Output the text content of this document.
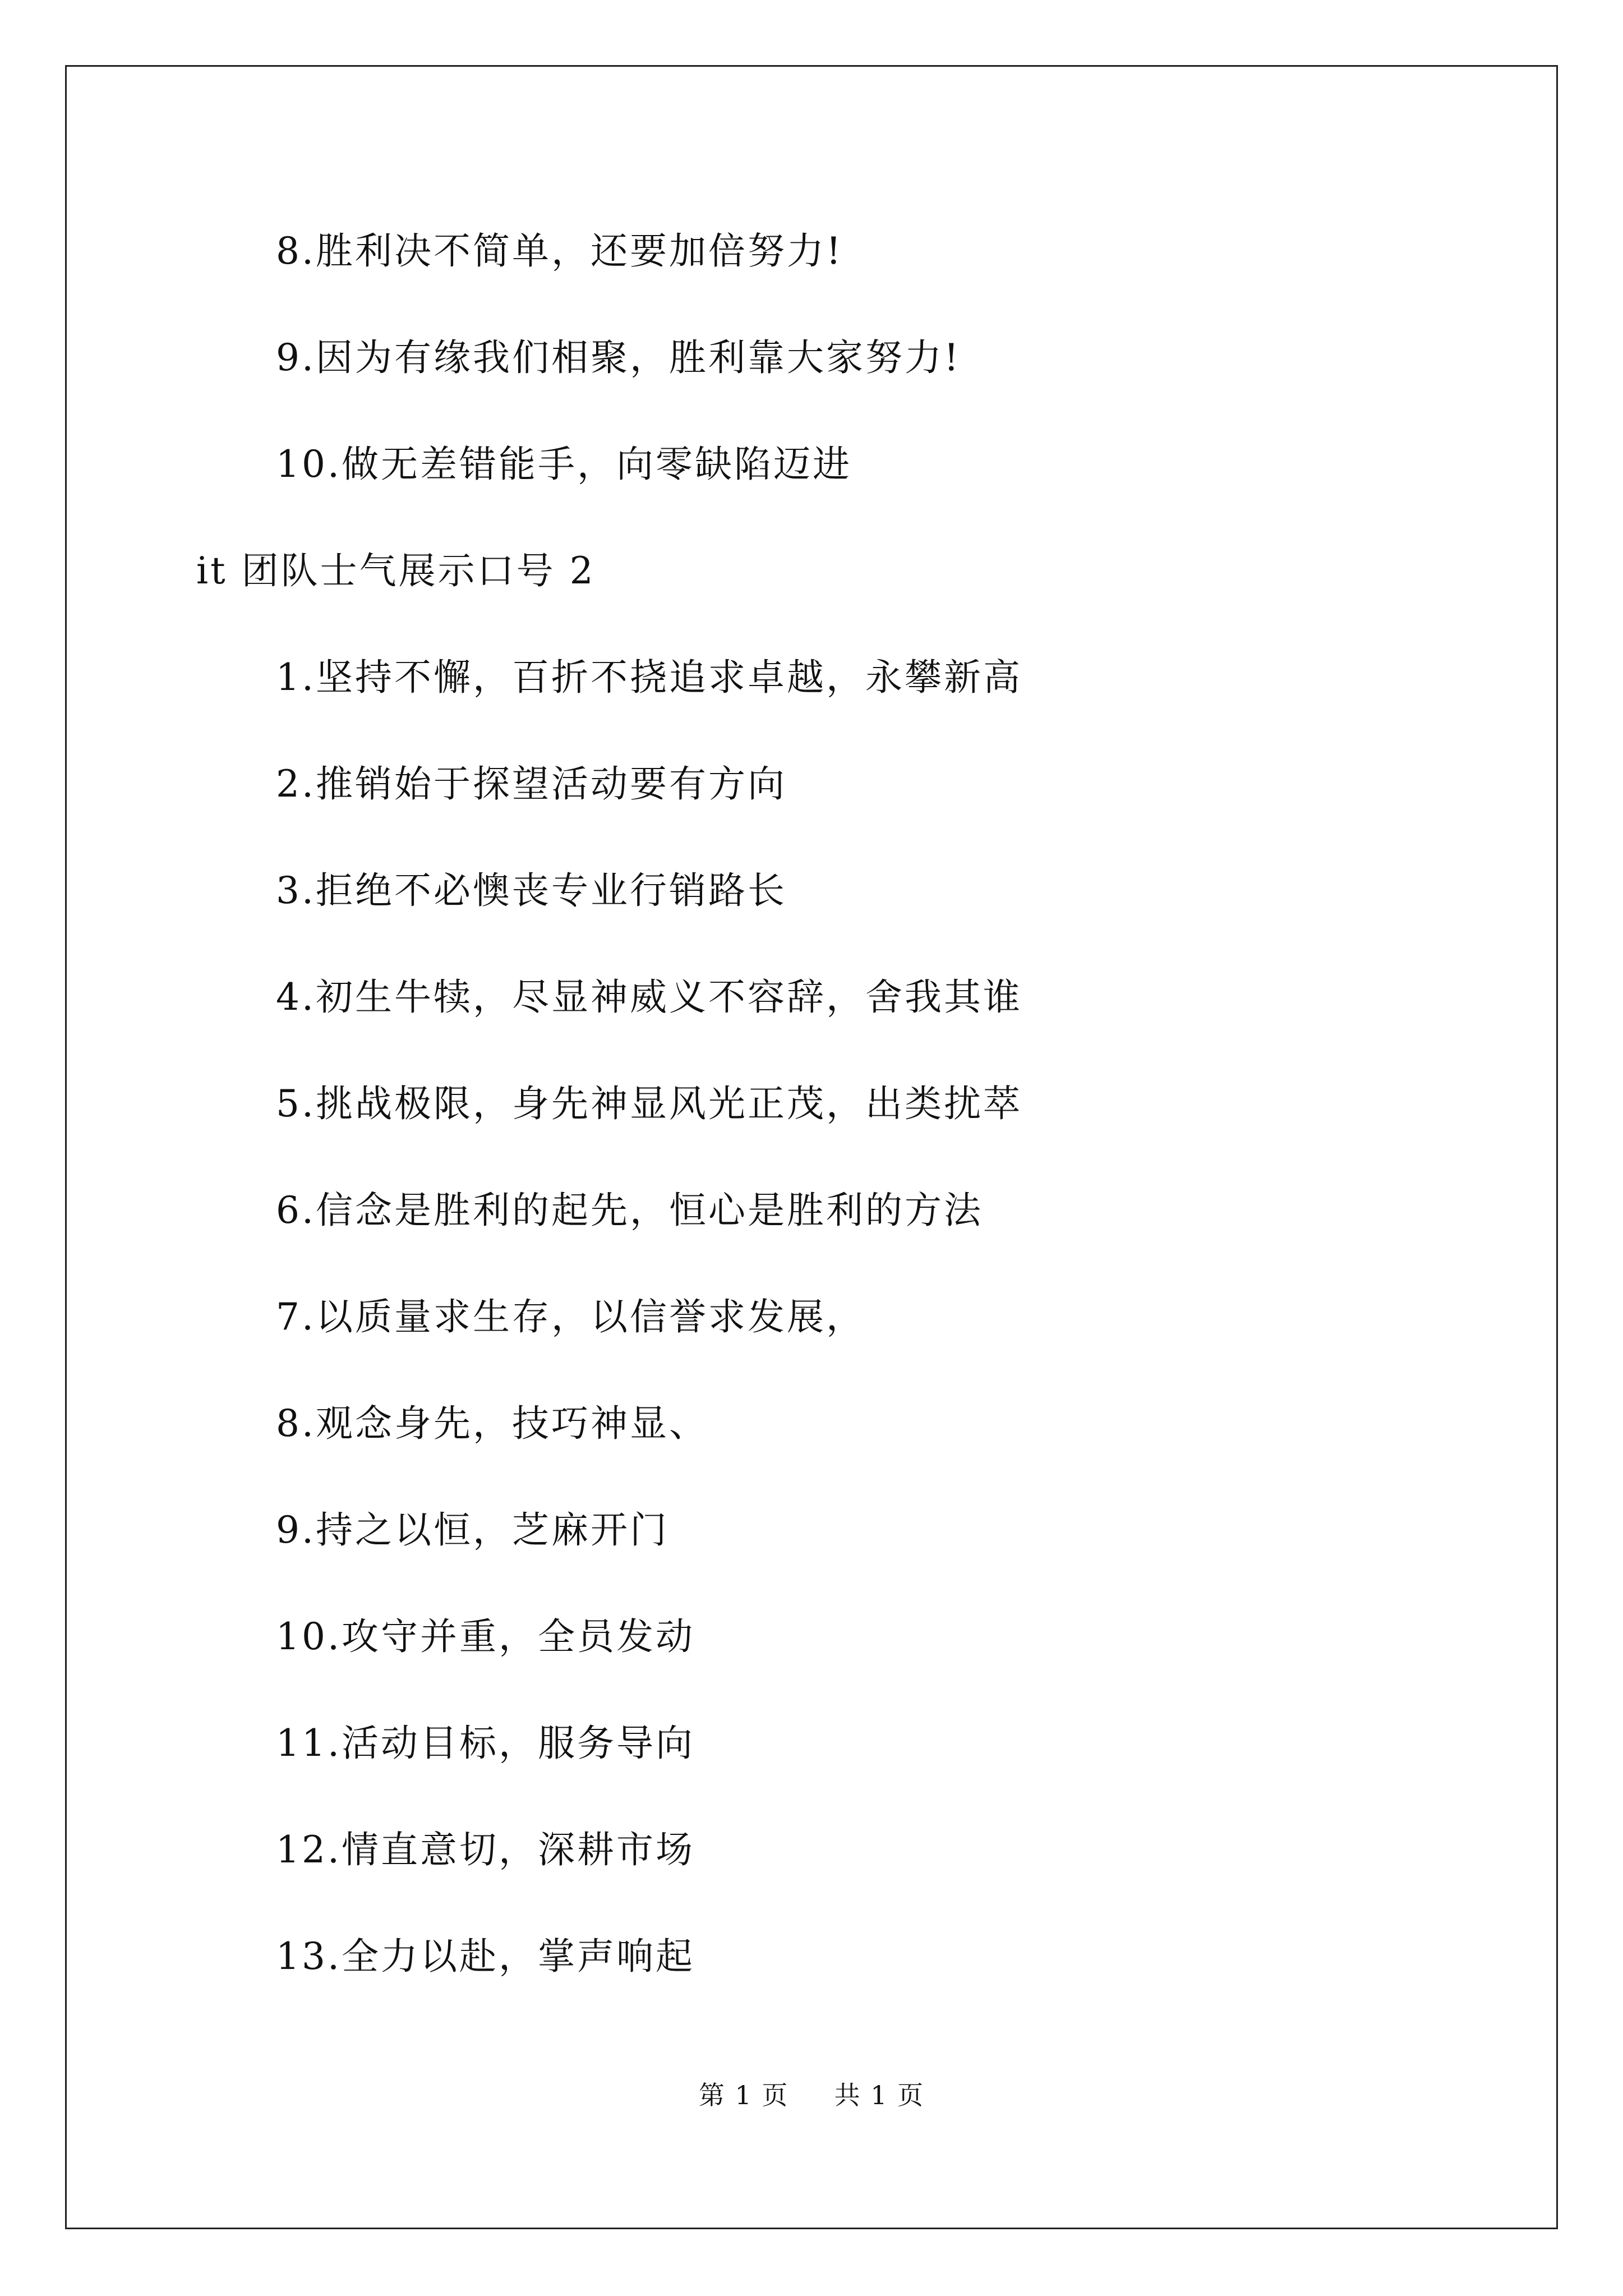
8.胜利决不简单，还要加倍努力!
9.因为有缘我们相聚，胜利靠大家努力!
10.做无差错能手，向零缺陷迈进
it 团队士气展示口号 2
1.坚持不懈，百折不挠追求卓越，永攀新高
2.推销始于探望活动要有方向
3.拒绝不必懊丧专业行销路长
4.初生牛犊，尽显神威义不容辞，舍我其谁
5.挑战极限，身先神显风光正茂，出类扰萃
6.信念是胜利的起先，恒心是胜利的方法
7.以质量求生存，以信誉求发展，
8.观念身先，技巧神显、
9.持之以恒，芝麻开门
10.攻守并重，全员发动
11.活动目标，服务导向
12.情直意切，深耕市场
13.全力以赴，掌声响起
第 1 页 共 1 页
